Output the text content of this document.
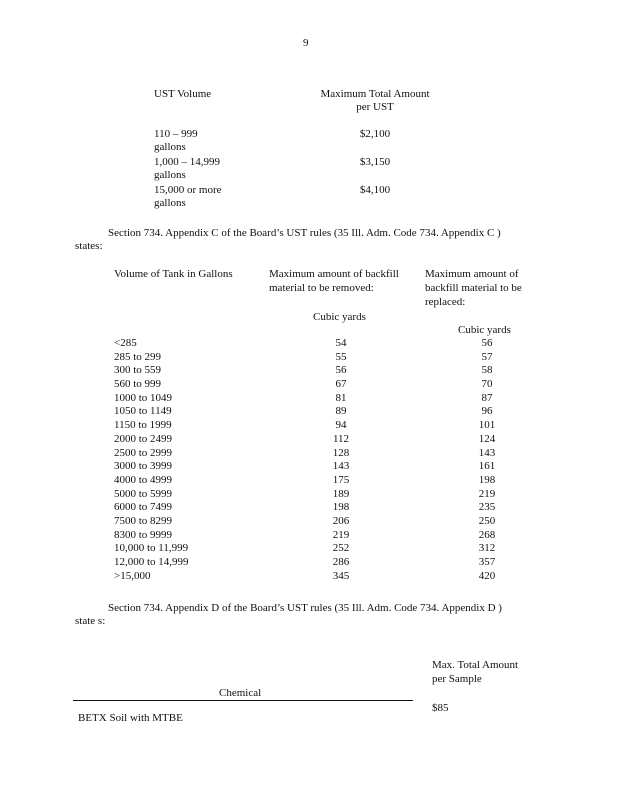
9
UST Volume	Maximum Total Amount
per UST
110 – 999
gallons
$2,100
1,000 – 14,999
gallons
$3,150
15,000 or more
gallons
$4,100
Section 734. Appendix C of the Board’s UST rules (35 Ill. Adm. Code 734. Appendix C )
states:
Volume of Tank in Gallons	Maximum amount of backfill
material to be removed:
Cubic yards
Maximum amount of
backfill material to be
replaced:
Cubic yards
<285
285 to 299
300 to 559
560 to 999
1000 to 1049
1050 to 1149
1150 to 1999
2000 to 2499
2500 to 2999
3000 to 3999
4000 to 4999
5000 to 5999
6000 to 7499
7500 to 8299
8300 to 9999
10,000 to 11,999
12,000 to 14,999
>15,000
54
55
56
67
81
89
94
112
128
143
175
189
198
206
219
252
286
345
56
57
58
70
87
96
101
124
143
161
198
219
235
250
268
312
357
420
Section 734. Appendix D of the Board’s UST rules (35 Ill. Adm. Code 734. Appendix D )
state s:
Max. Total Amount
per Sample
Chemical
$85
BETX Soil with MTBE
